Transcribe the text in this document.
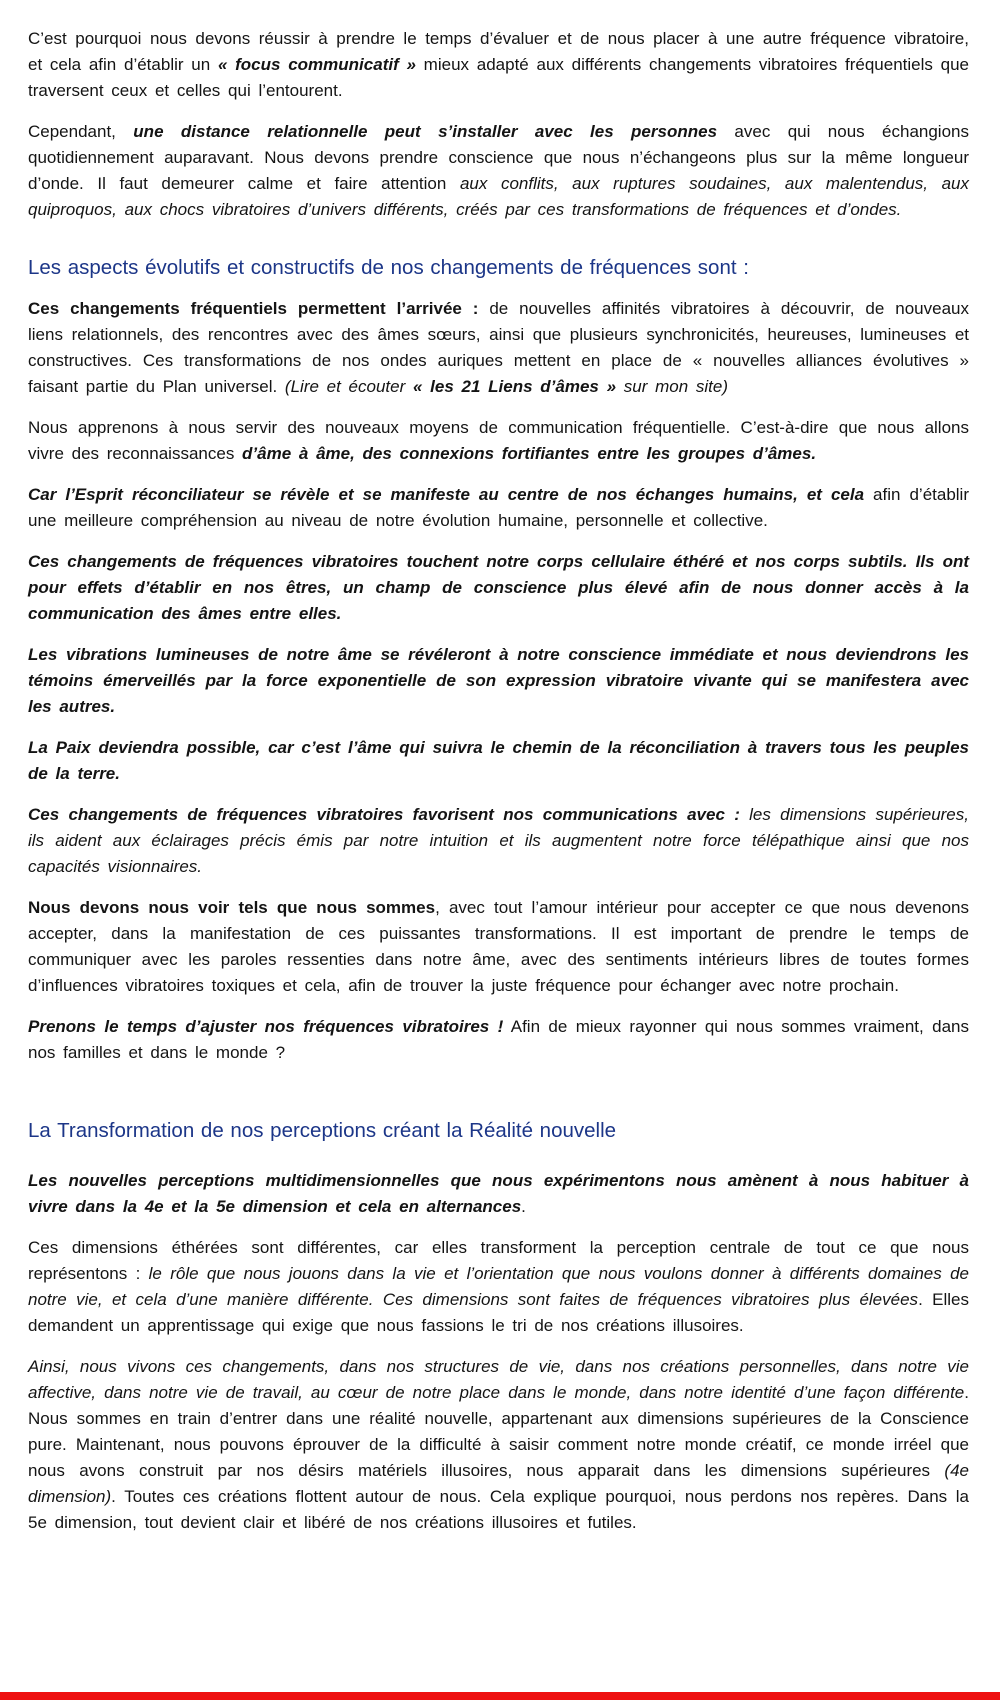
C’est pourquoi nous devons réussir à prendre le temps d’évaluer et de nous placer à une autre fréquence vibratoire, et cela afin d’établir un « focus communicatif » mieux adapté aux différents changements vibratoires fréquentiels que traversent ceux et celles qui l’entourent.

Cependant, une distance relationnelle peut s’installer avec les personnes avec qui nous échangions quotidiennement auparavant. Nous devons prendre conscience que nous n’échangeons plus sur la même longueur d’onde. Il faut demeurer calme et faire attention aux conflits, aux ruptures soudaines, aux malentendus, aux quiproquos, aux chocs vibratoires d’univers différents, créés par ces transformations de fréquences et d’ondes.

Les aspects évolutifs et constructifs de nos changements de fréquences sont :

Ces changements fréquentiels permettent l’arrivée : de nouvelles affinités vibratoires à découvrir, de nouveaux liens relationnels, des rencontres avec des âmes sœurs, ainsi que plusieurs synchronicités, heureuses, lumineuses et constructives. Ces transformations de nos ondes auriques mettent en place de « nouvelles alliances évolutives » faisant partie du Plan universel. (Lire et écouter « les 21 Liens d’âmes » sur mon site)

Nous apprenons à nous servir des nouveaux moyens de communication fréquentielle. C’est-à-dire que nous allons vivre des reconnaissances d’âme à âme, des connexions fortifiantes entre les groupes d’âmes.

Car l’Esprit réconciliateur se révèle et se manifeste au centre de nos échanges humains, et cela afin d’établir une meilleure compréhension au niveau de notre évolution humaine, personnelle et collective.

Ces changements de fréquences vibratoires touchent notre corps cellulaire éthéré et nos corps subtils. Ils ont pour effets d’établir en nos êtres, un champ de conscience plus élevé afin de nous donner accès à la communication des âmes entre elles.

Les vibrations lumineuses de notre âme se révéleront à notre conscience immédiate et nous deviendrons les témoins émerveillés par la force exponentielle de son expression vibratoire vivante qui se manifestera avec les autres.

La Paix deviendra possible, car c’est l’âme qui suivra le chemin de la réconciliation à travers tous les peuples de la terre.

Ces changements de fréquences vibratoires favorisent nos communications avec : les dimensions supérieures, ils aident aux éclairages précis émis par notre intuition et ils augmentent notre force télépathique ainsi que nos capacités visionnaires.

Nous devons nous voir tels que nous sommes, avec tout l’amour intérieur pour accepter ce que nous devenons accepter, dans la manifestation de ces puissantes transformations. Il est important de prendre le temps de communiquer avec les paroles ressenties dans notre âme, avec des sentiments intérieurs libres de toutes formes d’influences vibratoires toxiques et cela, afin de trouver la juste fréquence pour échanger avec notre prochain.

Prenons le temps d’ajuster nos fréquences vibratoires ! Afin de mieux rayonner qui nous sommes vraiment, dans nos familles et dans le monde ?

La Transformation de nos perceptions créant la Réalité nouvelle

Les nouvelles perceptions multidimensionnelles que nous expérimentons nous amènent à nous habituer à vivre dans la 4e et la 5e dimension et cela en alternances.

Ces dimensions éthérées sont différentes, car elles transforment la perception centrale de tout ce que nous représentons : le rôle que nous jouons dans la vie et l’orientation que nous voulons donner à différents domaines de notre vie, et cela d’une manière différente. Ces dimensions sont faites de fréquences vibratoires plus élevées. Elles demandent un apprentissage qui exige que nous fassions le tri de nos créations illusoires.

Ainsi, nous vivons ces changements, dans nos structures de vie, dans nos créations personnelles, dans notre vie affective, dans notre vie de travail, au cœur de notre place dans le monde, dans notre identité d’une façon différente. Nous sommes en train d’entrer dans une réalité nouvelle, appartenant aux dimensions supérieures de la Conscience pure. Maintenant, nous pouvons éprouver de la difficulté à saisir comment notre monde créatif, ce monde irréel que nous avons construit par nos désirs matériels illusoires, nous apparait dans les dimensions supérieures (4e dimension). Toutes ces créations flottent autour de nous. Cela explique pourquoi, nous perdons nos repères. Dans la 5e dimension, tout devient clair et libéré de nos créations illusoires et futiles.
